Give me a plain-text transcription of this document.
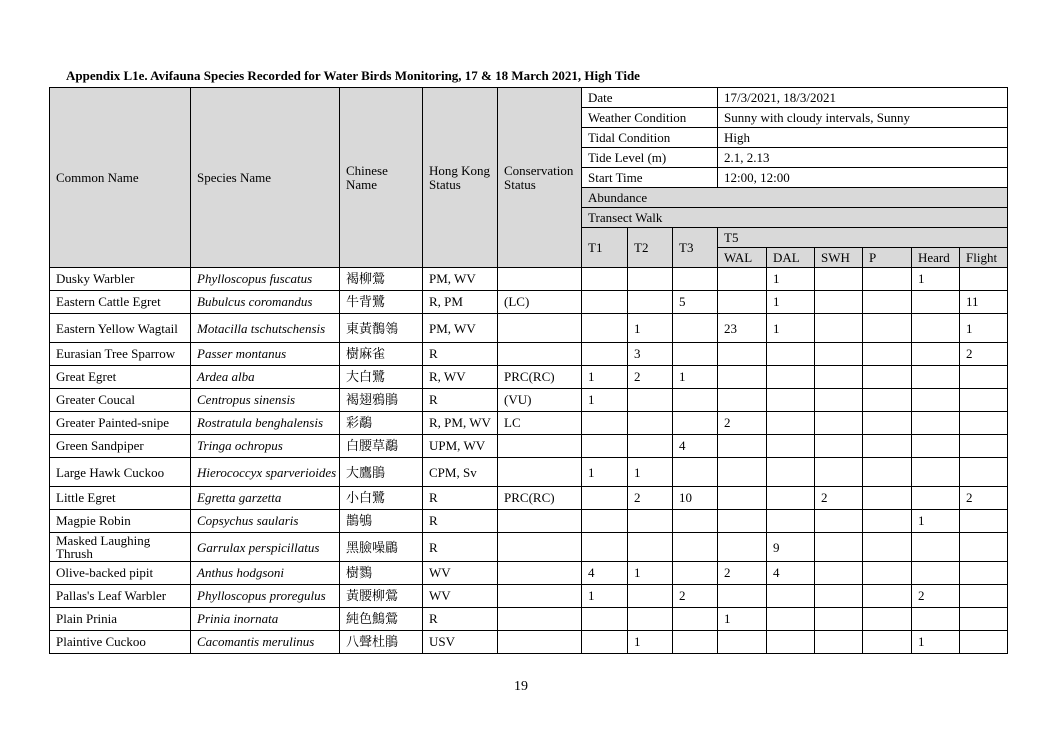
Appendix L1e. Avifauna Species Recorded for Water Birds Monitoring, 17 & 18 March 2021, High Tide
Common Name	Species Name	Chinese Name	Hong Kong Status	Conservation Status	Date			17/3/2021, 18/3/2021					
					Weather Condition			Sunny with cloudy intervals, Sunny					
					Tidal Condition			High					
					Tide Level (m)			2.1, 2.13					
					Start Time			12:00, 12:00					
					Abundance								
					Transect Walk								
					T1	T2	T3	T5					
								WAL	DAL	SWH	P	Heard	Flight
Dusky Warbler	Phylloscopus fuscatus	褐柳鶯	PM, WV						1			1	
Eastern Cattle Egret	Bubulcus coromandus	牛背鷺	R, PM	(LC)			5		1				11
Eastern Yellow Wagtail	Motacilla tschutschensis	東黃鶺鴒	PM, WV			1		23	1				1
Eurasian Tree Sparrow	Passer montanus	樹麻雀	R			3							2
Great Egret	Ardea alba	大白鷺	R, WV	PRC(RC)	1	2	1						
Greater Coucal	Centropus sinensis	褐翅鴉鵑	R	(VU)	1								
Greater Painted-snipe	Rostratula benghalensis	彩鷸	R, PM, WV	LC				2					
Green Sandpiper	Tringa ochropus	白腰草鷸	UPM, WV				4						
Large Hawk Cuckoo	Hierococcyx sparverioides	大鷹鵑	CPM, Sv		1	1							
Little Egret	Egretta garzetta	小白鷺	R	PRC(RC)		2	10			2			2
Magpie Robin	Copsychus saularis	鵲鴝	R									1	
Masked Laughing Thrush	Garrulax perspicillatus	黑臉噪鶥	R						9				
Olive-backed pipit	Anthus hodgsoni	樹鷚	WV		4	1		2	4				
Pallas's Leaf Warbler	Phylloscopus proregulus	黃腰柳鶯	WV		1		2					2	
Plain Prinia	Prinia inornata	純色鷦鶯	R					1					
Plaintive Cuckoo	Cacomantis merulinus	八聲杜鵑	USV			1						1	
19
